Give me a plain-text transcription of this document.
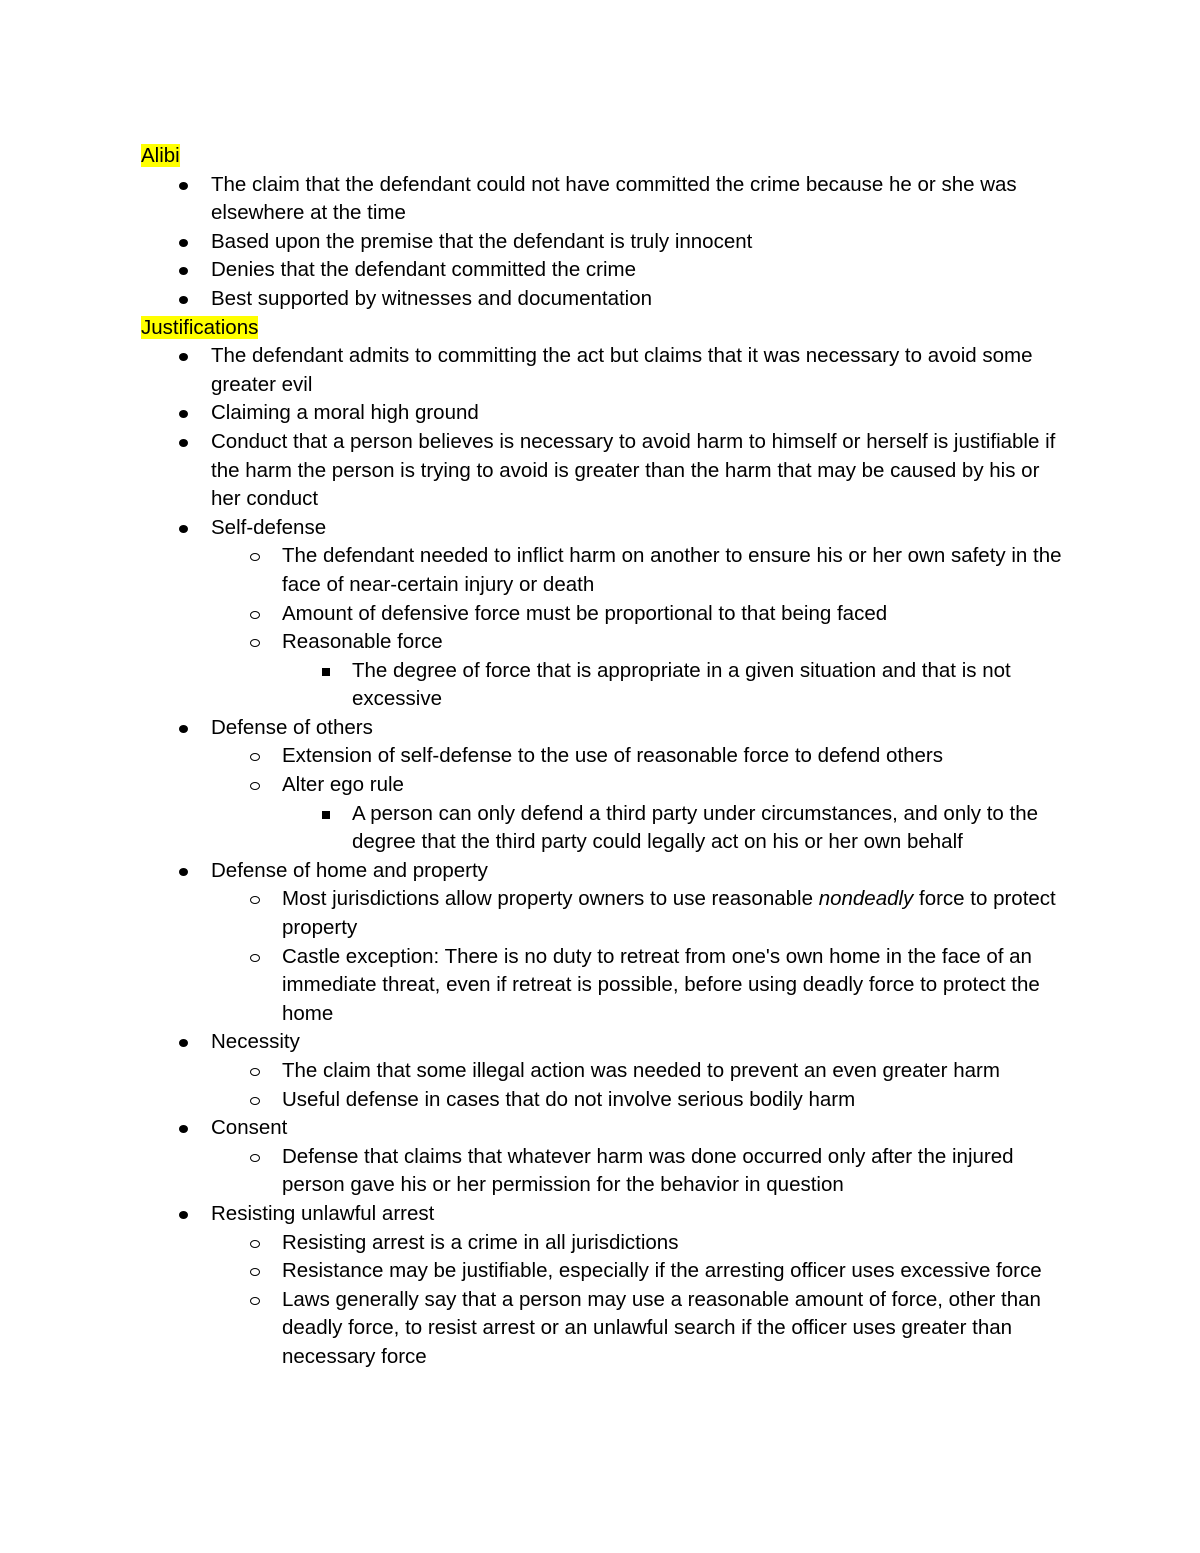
Alibi
The claim that the defendant could not have committed the crime because he or she was elsewhere at the time
Based upon the premise that the defendant is truly innocent
Denies that the defendant committed the crime
Best supported by witnesses and documentation
Justifications
The defendant admits to committing the act but claims that it was necessary to avoid some greater evil
Claiming a moral high ground
Conduct that a person believes is necessary to avoid harm to himself or herself is justifiable if the harm the person is trying to avoid is greater than the harm that may be caused by his or her conduct
Self-defense
The defendant needed to inflict harm on another to ensure his or her own safety in the face of near-certain injury or death
Amount of defensive force must be proportional to that being faced
Reasonable force
The degree of force that is appropriate in a given situation and that is not excessive
Defense of others
Extension of self-defense to the use of reasonable force to defend others
Alter ego rule
A person can only defend a third party under circumstances, and only to the degree that the third party could legally act on his or her own behalf
Defense of home and property
Most jurisdictions allow property owners to use reasonable nondeadly force to protect property
Castle exception: There is no duty to retreat from one's own home in the face of an immediate threat, even if retreat is possible, before using deadly force to protect the home
Necessity
The claim that some illegal action was needed to prevent an even greater harm
Useful defense in cases that do not involve serious bodily harm
Consent
Defense that claims that whatever harm was done occurred only after the injured person gave his or her permission for the behavior in question
Resisting unlawful arrest
Resisting arrest is a crime in all jurisdictions
Resistance may be justifiable, especially if the arresting officer uses excessive force
Laws generally say that a person may use a reasonable amount of force, other than deadly force, to resist arrest or an unlawful search if the officer uses greater than necessary force
